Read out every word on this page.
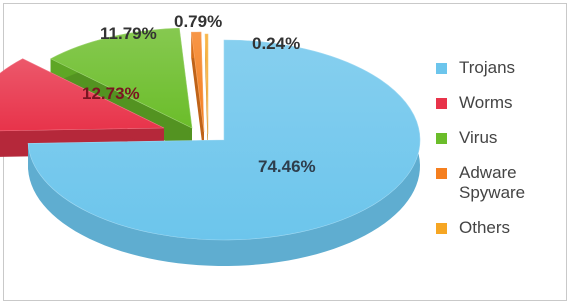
74.46%
12.73%
11.79%
0.79%
0.24%
Trojans
Worms
Virus
Adware
Spyware
Others
